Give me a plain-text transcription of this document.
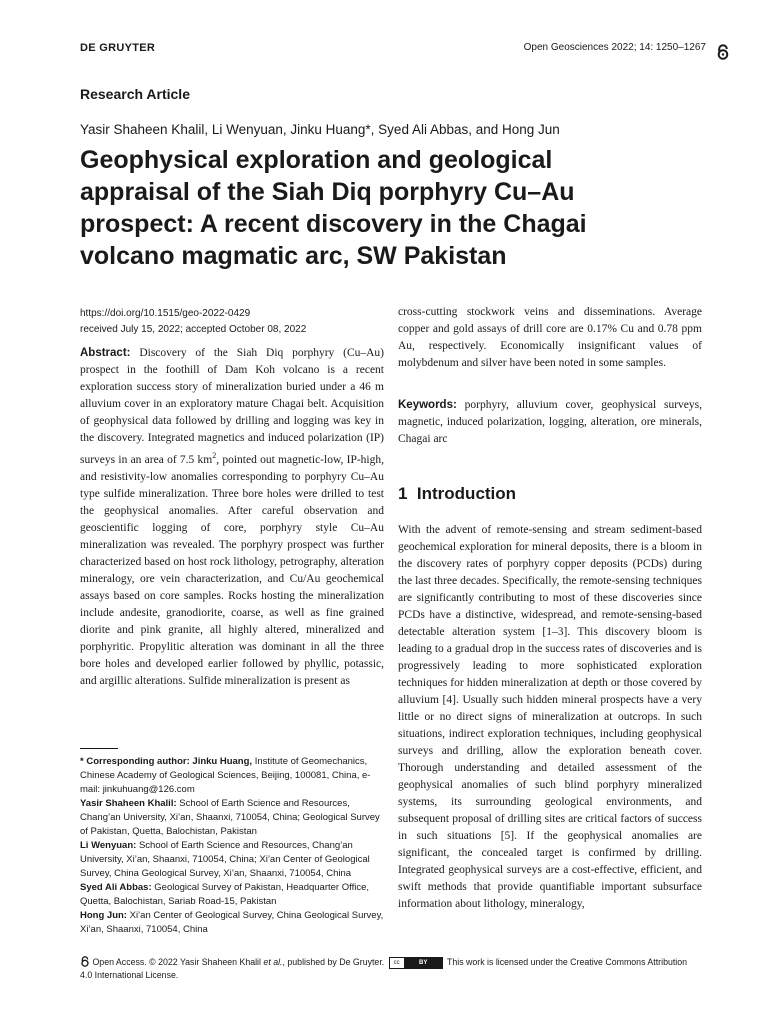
DE GRUYTER	Open Geosciences 2022; 14: 1250–1267
Research Article
Yasir Shaheen Khalil, Li Wenyuan, Jinku Huang*, Syed Ali Abbas, and Hong Jun
Geophysical exploration and geological appraisal of the Siah Diq porphyry Cu–Au prospect: A recent discovery in the Chagai volcano magmatic arc, SW Pakistan
https://doi.org/10.1515/geo-2022-0429
received July 15, 2022; accepted October 08, 2022

Abstract: Discovery of the Siah Diq porphyry (Cu–Au) prospect in the foothill of Dam Koh volcano is a recent exploration success story of mineralization buried under a 46 m alluvium cover in an exploratory mature Chagai belt. Acquisition of geophysical data followed by drilling and logging was key in the discovery. Integrated magnetics and induced polarization (IP) surveys in an area of 7.5 $km^2$, pointed out magnetic-low, IP-high, and resistivity-low anomalies corresponding to porphyry Cu–Au type sulfide mineralization. Three bore holes were drilled to test the geophysical anomalies. After careful observation and geoscientific logging of core, porphyry style Cu–Au mineralization was revealed. The porphyry prospect was further characterized based on host rock lithology, petrography, alteration mineralogy, ore vein characterization, and Cu/Au geochemical assays based on core samples. Rocks hosting the mineralization include andesite, granodiorite, coarse, as well as fine grained diorite and pink granite, all highly altered, mineralized and porphyritic. Propylitic alteration was dominant in all the three bore holes and developed earlier followed by phyllic, potassic, and argillic alterations. Sulfide mineralization is present as

cross-cutting stockwork veins and disseminations. Average copper and gold assays of drill core are 0.17% Cu and 0.78 ppm Au, respectively. Economically insignificant values of molybdenum and silver have been noted in some samples.

Keywords: porphyry, alluvium cover, geophysical surveys, magnetic, induced polarization, logging, alteration, ore minerals, Chagai arc

1  Introduction

With the advent of remote-sensing and stream sediment-based geochemical exploration for mineral deposits, there is a bloom in the discovery rates of porphyry copper deposits (PCDs) during the last three decades. Specifically, the remote-sensing techniques are significantly contributing to most of these discoveries since PCDs have a distinctive, widespread, and remote-sensing-based detectable alteration system [1–3]. This discovery bloom is leading to a gradual drop in the success rates of discoveries and is progressively leading to more sophisticated exploration techniques for hidden mineralization at depth or those covered by alluvium [4]. Usually such hidden mineral prospects have a very little or no direct signs of mineralization at outcrops. In such situations, indirect exploration techniques, including geophysical surveys and drilling, allow the exploration beneath cover. Thorough understanding and detailed assessment of the geophysical anomalies of such blind porphyry mineralized systems, its surrounding geological environments, and subsequent proposal of drilling sites are critical factors of success in such situations [5]. If the geophysical anomalies are significant, the concealed target is confirmed by drilling. Integrated geophysical surveys are a cost-effective, efficient, and swift methods that provide quantifiable important subsurface information about lithology, mineralogy,

* Corresponding author: Jinku Huang, Institute of Geomechanics, Chinese Academy of Geological Sciences, Beijing, 100081, China, e-mail: jinkuhuang@126.com

Yasir Shaheen Khalil: School of Earth Science and Resources, Chang’an University, Xi’an, Shaanxi, 710054, China; Geological Survey of Pakistan, Quetta, Balochistan, Pakistan

Li Wenyuan: School of Earth Science and Resources, Chang’an University, Xi’an, Shaanxi, 710054, China; Xi’an Center of Geological Survey, China Geological Survey, Xi’an, Shaanxi, 710054, China

Syed Ali Abbas: Geological Survey of Pakistan, Headquarter Office, Quetta, Balochistan, Sariab Road-15, Pakistan

Hong Jun: Xi’an Center of Geological Survey, China Geological Survey, Xi’an, Shaanxi, 710054, China

Open Access. © 2022 Yasir Shaheen Khalil et al., published by De Gruyter.	cc	BY	This work is licensed under the Creative Commons Attribution 4.0 International License.
